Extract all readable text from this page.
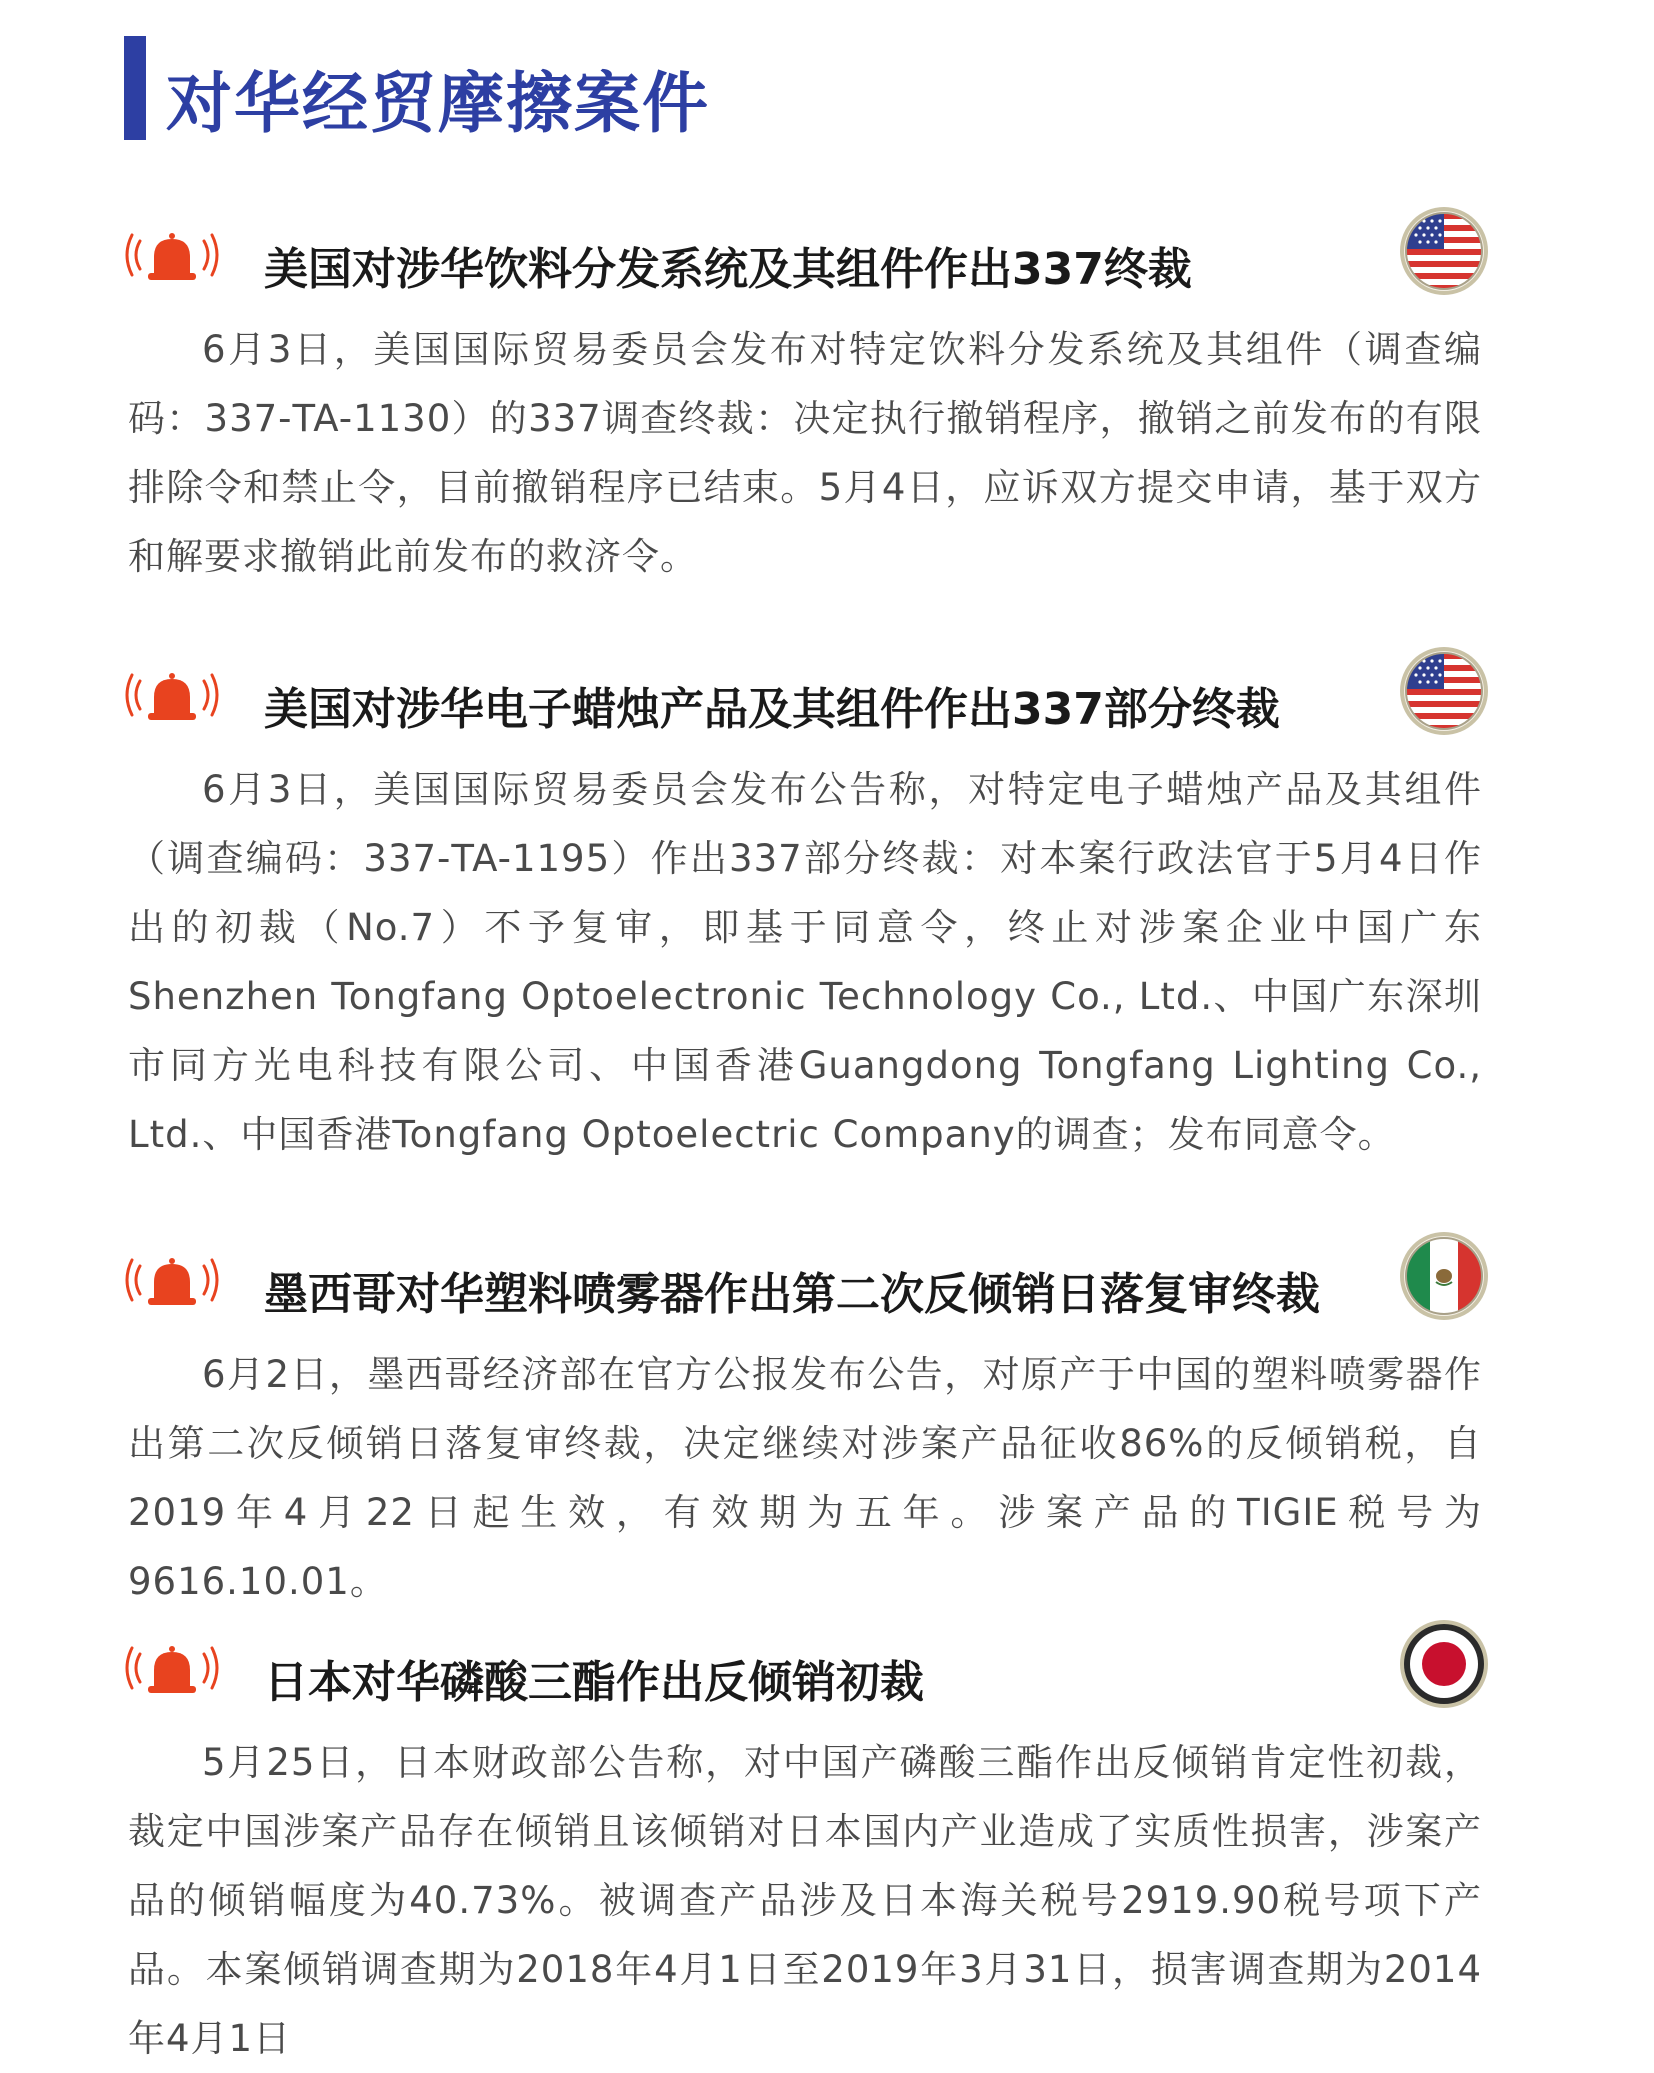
对华经贸摩擦案件
美国对涉华饮料分发系统及其组件作出337终裁

6月3日，美国国际贸易委员会发布对特定饮料分发系统及其组件（调查编码：337-TA-1130）的337调查终裁：决定执行撤销程序，撤销之前发布的有限排除令和禁止令，目前撤销程序已结束。5月4日，应诉双方提交申请，基于双方和解要求撤销此前发布的救济令。

美国对涉华电子蜡烛产品及其组件作出337部分终裁

6月3日，美国国际贸易委员会发布公告称，对特定电子蜡烛产品及其组件（调查编码：337-TA-1195）作出337部分终裁：对本案行政法官于5月4日作出的初裁（No.7）不予复审，即基于同意令，终止对涉案企业中国广东Shenzhen Tongfang Optoelectronic Technology Co., Ltd.、中国广东深圳市同方光电科技有限公司、中国香港Guangdong Tongfang Lighting Co., Ltd.、中国香港Tongfang Optoelectric Company的调查；发布同意令。

墨西哥对华塑料喷雾器作出第二次反倾销日落复审终裁

6月2日，墨西哥经济部在官方公报发布公告，对原产于中国的塑料喷雾器作出第二次反倾销日落复审终裁，决定继续对涉案产品征收86%的反倾销税，自2019年4月22日起生效，有效期为五年。涉案产品的TIGIE税号为9616.10.01。

日本对华磷酸三酯作出反倾销初裁

5月25日，日本财政部公告称，对中国产磷酸三酯作出反倾销肯定性初裁，裁定中国涉案产品存在倾销且该倾销对日本国内产业造成了实质性损害，涉案产品的倾销幅度为40.73%。被调查产品涉及日本海关税号2919.90税号项下产品。本案倾销调查期为2018年4月1日至2019年3月31日，损害调查期为2014年4月1日
